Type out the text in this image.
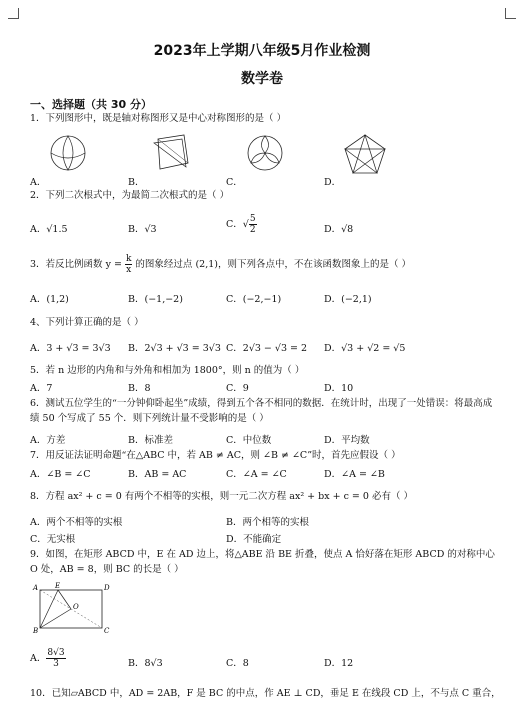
2023年上学期八年级5月作业检测
数学卷
一、选择题（共 30 分）
1．下列图形中，既是轴对称图形又是中心对称图形的是（ ）
A．	B．	C．	D．
2．下列二次根式中，为最简二次根式的是（ ）
A．√1.5	B．√3	C．√ $\frac{5}{2}$	D．√8
3．若反比例函数 $y = \frac{k}{x}$ 的图象经过点 (2,1)，则下列各点中，不在该函数图象上的是（ ）
A．(1,2)	B．(−1,−2)	C．(−2,−1)	D．(−2,1)
4、下列计算正确的是（ ）
A．3 + √3 = 3√3 B．2√3 + √3 = 3√3 C．2√3 − √3 = 2 D．√3 + √2 = √5
5．若 n 边形的内角和与外角和相加为 1800°，则 n 的值为（ ）
A．7	B．8	C．9	D．10
6．测试五位学生的“一分钟仰卧起坐”成绩，得到五个各不相同的数据．在统计时，出现了一处错误：将最高成绩 50 个写成了 55 个．则下列统计量不受影响的是（ ）
A．方差	B．标准差	C．中位数	D．平均数
7．用反证法证明命题“在△ABC 中，若 AB ≠ AC，则 ∠B ≠ ∠C”时，首先应假设（ ）
A．∠B = ∠C	B．AB = AC	C．∠A = ∠C	D．∠A = ∠B
8．方程 ax² + c = 0 有两个不相等的实根，则一元二次方程 ax² + bx + c = 0 必有（ ）
A．两个不相等的实根	B．两个相等的实根
C．无实根	D．不能确定
9．如图，在矩形 ABCD 中，E 在 AD 边上，将△ABE 沿 BE 折叠，使点 A 恰好落在矩形 ABCD 的对称中心 O 处，AB = 8，则 BC 的长是（ ）
A E	D
O
B	C
A． $\frac{8√3}{3}$	B．8√3	C．8	D．12
10．已知▱ABCD 中，AD = 2AB，F 是 BC 的中点，作 AE ⊥ CD，垂足 E 在线段 CD 上，不与点 C 重合，
